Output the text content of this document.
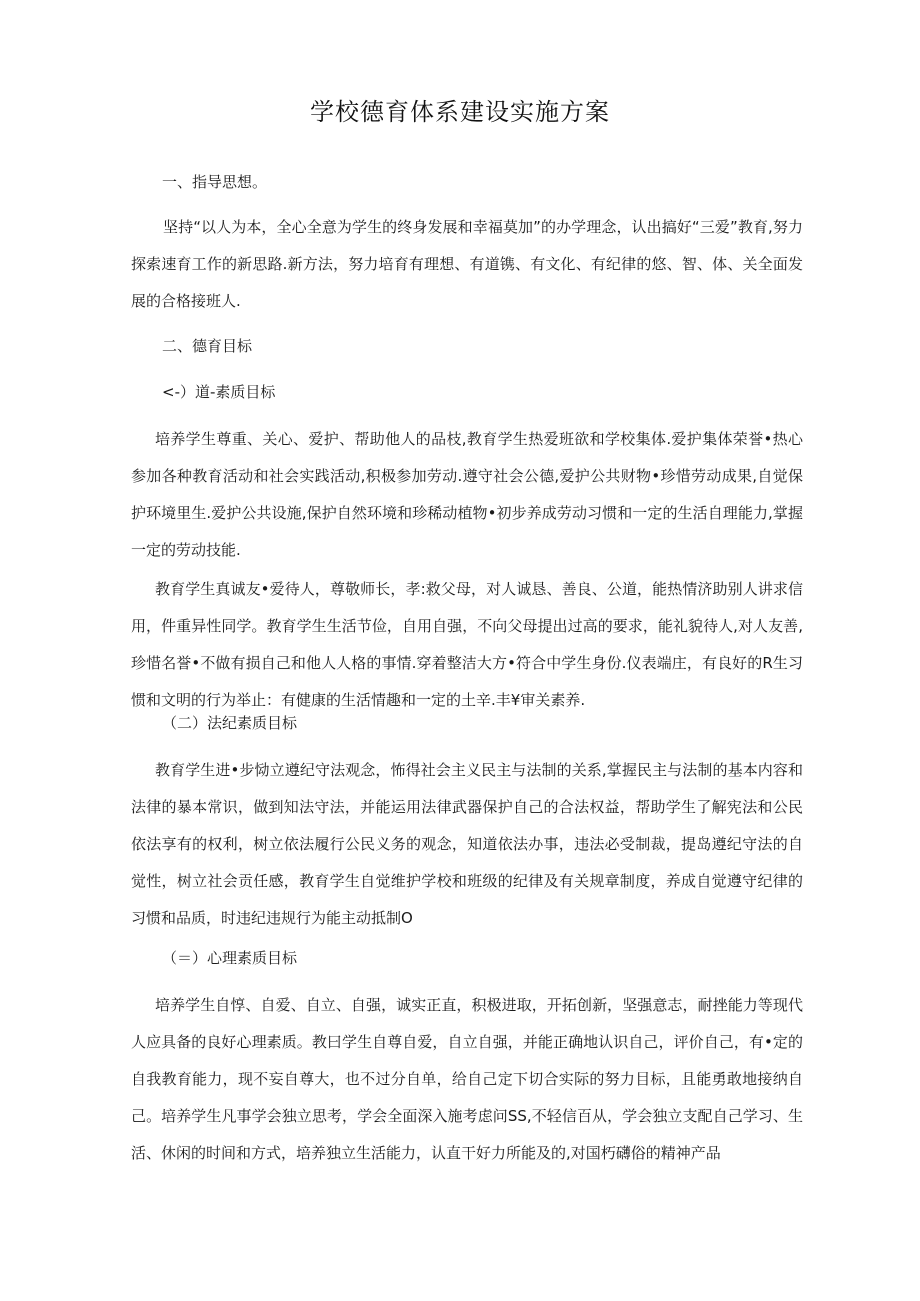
学校德育体系建设实施方案
一、指导思想。
坚持“以人为本，全心全意为学生的终身发展和幸福莫加”的办学理念，认出搞好“三爱”教育,努力探索速育工作的新思路.新方法，努力培育有理想、有道镌、有文化、有纪律的悠、智、体、关全面发展的合格接班人.
二、德育目标
<-）道-素质目标
培养学生尊重、关心、爱护、帮助他人的品枝,教育学生热爱班欲和学校集体.爱护集体荣誉•热心参加各种教育活动和社会实践活动,积极参加劳动.遵守社会公德,爱护公共财物•珍惜劳动成果,自觉保护环境里生.爱护公共设施,保护自然环境和珍稀动植物•初步养成劳动习惯和一定的生活自理能力,掌握一定的劳动技能.
教育学生真诚友•爱待人，尊敬师长，孝:救父母，对人诚恳、善良、公道，能热情济助别人讲求信用，件重异性同学。教育学生生活节俭，自用自强，不向父母提出过高的要求，能礼貌待人,对人友善,珍惜名誉•不做有损自己和他人人格的事情.穿着整洁大方•符合中学生身份.仪表端庄，有良好的R生习惯和文明的行为举止：有健康的生活情趣和一定的土辛.丰¥审关素养.
（二）法纪素质目标
教育学生进•步恸立遵纪守法观念，怖得社会主义民主与法制的关系,掌握民主与法制的基本内容和法律的暴本常识，做到知法守法，并能运用法律武器保护自己的合法权益，帮助学生了解宪法和公民依法享有的权利，树立依法履行公民义务的观念，知道依法办事，违法必受制裁，提岛遵纪守法的自觉性，树立社会贡任感，教育学生自觉维护学校和班级的纪律及有关规章制度，养成自觉遵守纪律的习惯和品质，时违纪违规行为能主动抵制O
（＝）心理素质目标
培养学生自惇、自爱、自立、自强，诚实正直，积极进取，开拓创新，坚强意志，耐挫能力等现代人应具备的良好心理素质。教曰学生自尊自爱，自立自强，并能正确地认识自己，评价自己，有•定的自我教育能力，现不妄自尊大，也不过分自单，给自己定下切合实际的努力目标，且能勇敢地接纳自己。培养学生凡事学会独立思考，学会全面深入施考虑问SS,不轻信百从，学会独立支配自己学习、生活、休闲的时间和方式，培养独立生活能力，认直干好力所能及的,对国朽礴俗的精神产品
